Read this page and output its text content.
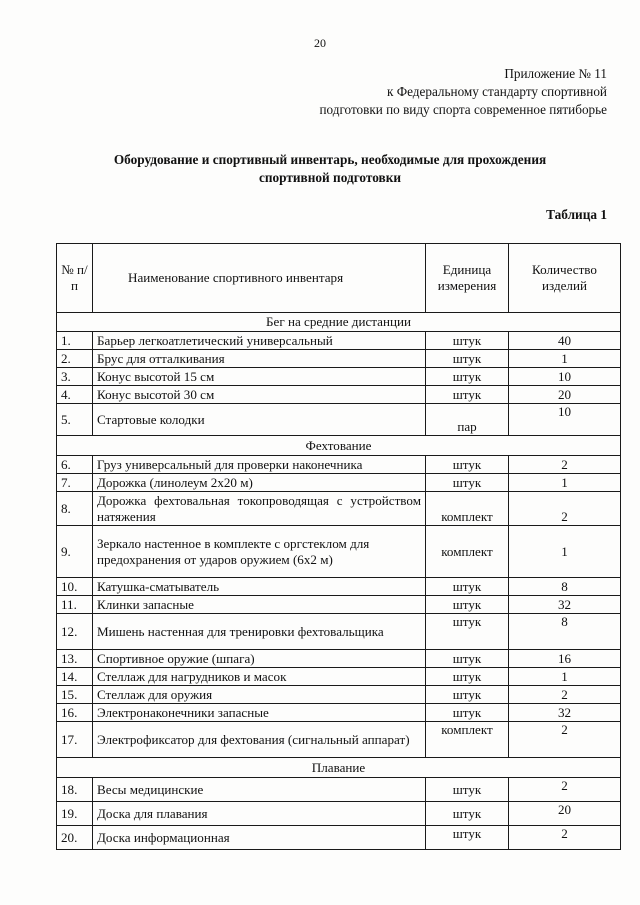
20
Приложение № 11
к Федеральному стандарту спортивной
подготовки по виду спорта современное пятиборье
Оборудование и спортивный инвентарь, необходимые для прохождения
спортивной подготовки
Таблица 1
№ п/п	Наименование спортивного инвентаря	Единица измерения	Количество изделий
Бег на средние дистанции			
1.	Барьер легкоатлетический универсальный	штук	40
2.	Брус для отталкивания	штук	1
3.	Конус высотой 15 см	штук	10
4.	Конус высотой 30 см	штук	20
5.	Стартовые колодки	пар	10
Фехтование			
6.	Груз универсальный для проверки наконечника	штук	2
7.	Дорожка (линолеум 2х20 м)	штук	1
8.	Дорожка фехтовальная токопроводящая с устройством натяжения	комплект	2
9.	Зеркало настенное в комплекте с оргстеклом для предохранения от ударов оружием (6х2 м)	комплект	1
10.	Катушка-сматыватель	штук	8
11.	Клинки запасные	штук	32
12.	Мишень настенная для тренировки фехтовальщика	штук	8
13.	Спортивное оружие (шпага)	штук	16
14.	Стеллаж для нагрудников и масок	штук	1
15.	Стеллаж для оружия	штук	2
16.	Электронаконечники запасные	штук	32
17.	Электрофиксатор для фехтования (сигнальный аппарат)	комплект	2
Плавание			
18.	Весы медицинские	штук	2
19.	Доска для плавания	штук	20
20.	Доска информационная	штук	2
